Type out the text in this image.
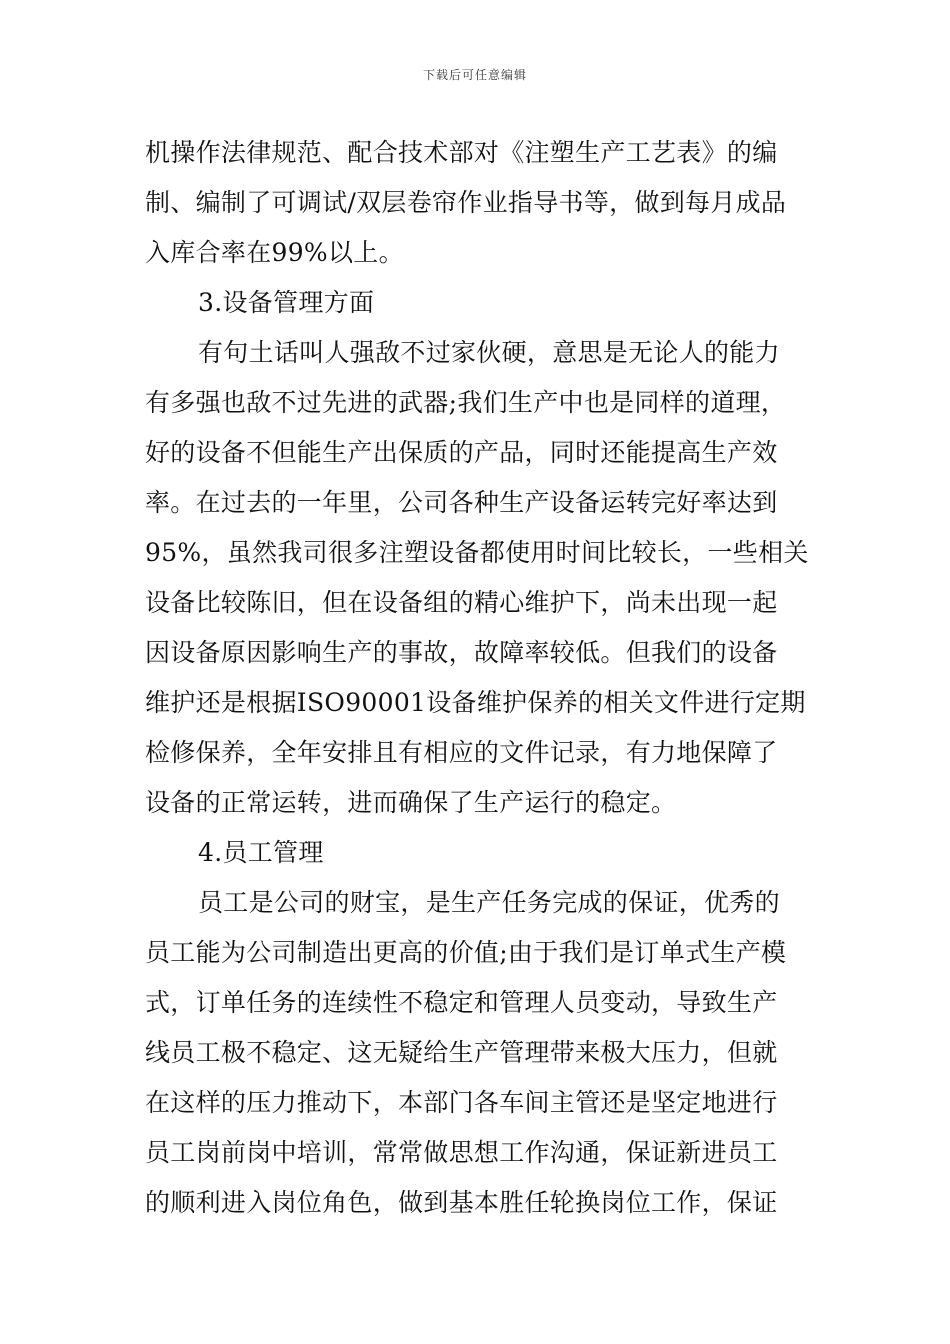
下载后可任意编辑
机操作法律规范、配合技术部对《注塑生产工艺表》的编
制、编制了可调试/双层卷帘作业指导书等，做到每月成品
入库合率在99%以上。
3.设备管理方面
有句土话叫人强敌不过家伙硬，意思是无论人的能力
有多强也敌不过先进的武器;我们生产中也是同样的道理，
好的设备不但能生产出保质的产品，同时还能提高生产效
率。在过去的一年里，公司各种生产设备运转完好率达到
95%，虽然我司很多注塑设备都使用时间比较长，一些相关
设备比较陈旧，但在设备组的精心维护下，尚未出现一起
因设备原因影响生产的事故，故障率较低。但我们的设备
维护还是根据ISO90001设备维护保养的相关文件进行定期
检修保养，全年安排且有相应的文件记录，有力地保障了
设备的正常运转，进而确保了生产运行的稳定。
4.员工管理
员工是公司的财宝，是生产任务完成的保证，优秀的
员工能为公司制造出更高的价值;由于我们是订单式生产模
式，订单任务的连续性不稳定和管理人员变动，导致生产
线员工极不稳定、这无疑给生产管理带来极大压力，但就
在这样的压力推动下，本部门各车间主管还是坚定地进行
员工岗前岗中培训，常常做思想工作沟通，保证新进员工
的顺利进入岗位角色，做到基本胜任轮换岗位工作，保证
